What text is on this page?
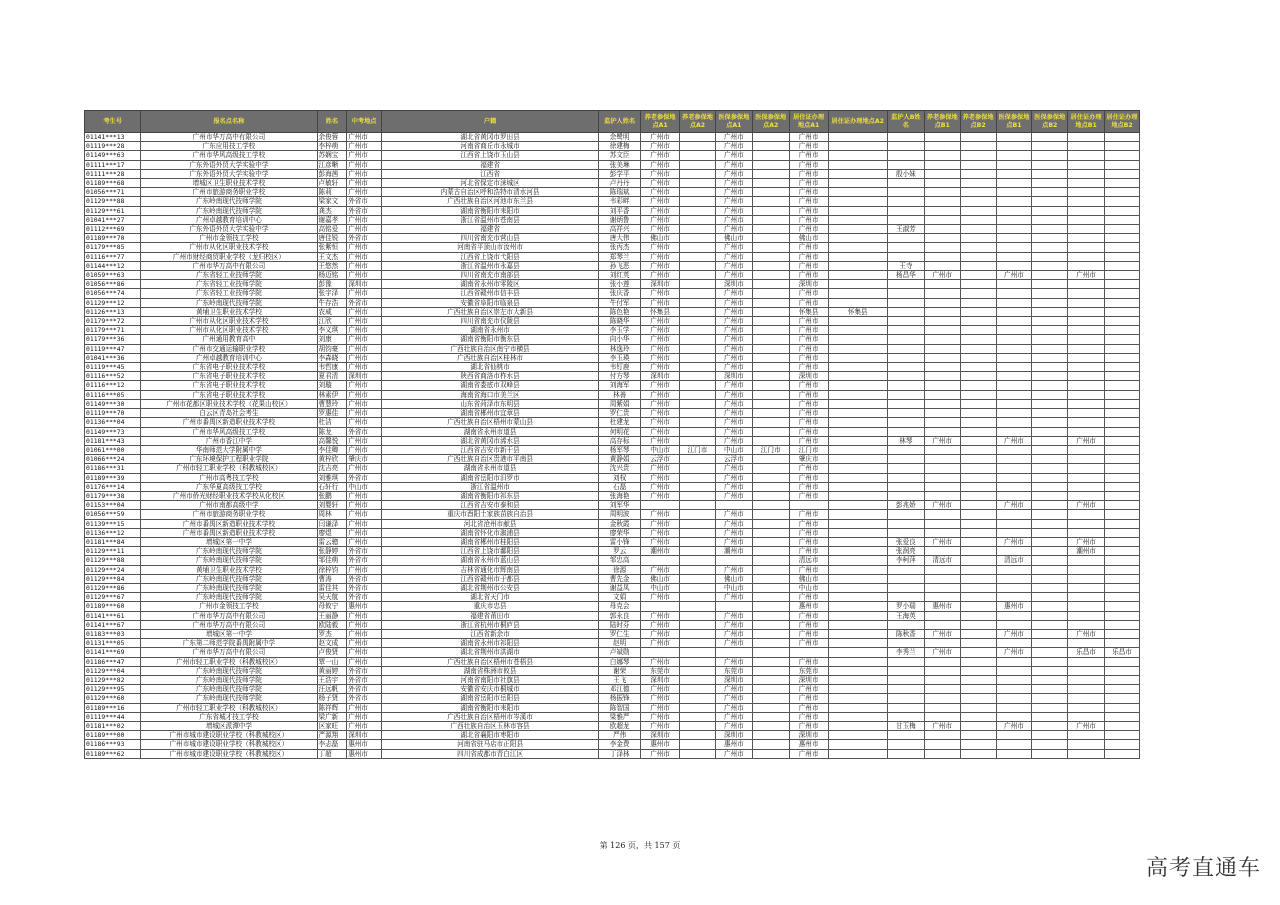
考生号	报名点名称	姓名	中考地点	户籍	监护人姓名	养老参保地点A1	养老参保地点A2	医保参保地点A1	医保参保地点A2	居住证办理地点A1	居住证办理地点A2	监护人B姓名	养老参保地点B1	养老参保地点B2	医保参保地点B1	医保参保地点B2	居住证办理地点B1	居住证办理地点B2
01141***13	广州市华万高中有限公司	余俊蓉	广州市	湖北省黄冈市罗田县	余鹭明	广州市		广州市		广州市								
01119***28	广东应用技工学校	李梓萌	广州市	河南省商丘市永城市	徐建梅	广州市		广州市		广州市								
01149***63	广州市华风高级技工学校	苏娴宝	广州市	江西省上饶市玉山县	苏文臣	广州市		广州市		广州市								
01111***17	广东外语外贸大学实验中学	江彦晰	广州市	福建省	张美琳	广州市		广州市		广州市								
01111***28	广东外语外贸大学实验中学	彭海茜	广州市	江西省	彭学平	广州市		广州市		广州市		殷小妹						
01189***68	增城区卫生职业技术学校	卢敏轩	广州市	河北省保定市涞城区	卢丹丹	广州市		广州市		广州市								
01056***71	广州市旅游商务职业学校	陈莉	广州市	内蒙古自治区呼和浩特市清水河县	陈瑞斌	广州市		广州市		广州市								
01129***88	广东岭南现代技师学院	梁家文	外省市	广西壮族自治区河池市东兰县	韦彩畔	广州市		广州市		广州市								
01129***61	广东岭南现代技师学院	龚杰	外省市	湖南省衡阳市耒阳市	刘平香	广州市		广州市		广州市								
01041***27	广州卓越教育培训中心	谢嘉孝	广州市	浙江省温州市苍南县	谢炳鲁	广州市		广州市		广州市								
01112***69	广东外语外贸大学实验中学	高铭爱	广州市	福建省	高祥兴	广州市		广州市		广州市		王淑芳						
01189***70	广州市金领技工学校	唐佳锐	外省市	四川省南充市营山县	唐大伟	佛山市		佛山市		佛山市								
01179***85	广州市从化区职业技术学校	张紫恒	广州市	河南省平顶山市汝州市	张丙杰	广州市		广州市		广州市								
01116***77	广州市财经商贸职业学校（龙归校区）	王文杰	广州市	江西省上饶市弋阳县	郑琴兰	广州市		广州市		广州市								
01144***12	广州市华万高中有限公司	王悠然	广州市	浙江省温州市永嘉县	孙飞恶	广州市		广州市		广州市		王寺						
01059***63	广东省轻工业技师学院	杨迈铭	广州市	四川省南充市南部县	刘红英	广州市		广州市		广州市		杨昌华	广州市		广州市		广州市	
01056***86	广东省轻工业技师学院	彭豫	深圳市	湖南省永州市零陵区	张小莲	深圳市		深圳市		深圳市								
01056***74	广东省轻工业技师学院	张宇泽	广州市	江西省赣州市信丰县	张庆香	广州市		广州市		广州市								
01129***12	广东岭南现代技师学院	牛存浩	外省市	安徽省阜阳市临泉县	牛付军	广州市		广州市		广州市								
01126***13	黄埔卫生职业技术学校	农威	广州市	广西壮族自治区崇左市大新县	陈色艳	怀集县		广州市		怀集县	怀集县							
01179***72	广州市从化区职业技术学校	江欣	广州市	四川省南充市仪陇县	陈晓华	广州市		广州市		广州市								
01179***71	广州市从化区职业技术学校	李义琪	广州市	湖南省永州市	李玉学	广州市		广州市		广州市								
01179***36	广州通用教育高中	刘康	广州市	湖南省衡阳市衡东县	向小华	广州市		广州市		广州市								
01119***47	广州市交通运输职业学校	胡钧豪	广州市	广西壮族自治区南宁市横县	林逸玲	广州市		广州市		广州市								
01041***36	广州卓越教育培训中心	李森晓	广州市	广西壮族自治区桂林市	李玉瑛	广州市		广州市		广州市								
01119***45	广东省电子职业技术学校	韦哲康	广州市	湖北省仙桃市	韦钉鹿	广州市		广州市		广州市								
01116***52	广东省电子职业技术学校	夏君清	深圳市	陕西省商洛市柞水县	付方琴	深圳市		深圳市		深圳市								
01116***12	广东省电子职业技术学校	刘璇	广州市	湖南省娄底市双峰县	刘海军	广州市		广州市		广州市								
01116***05	广东省电子职业技术学校	林素伊	广州市	海南省海口市美兰区	林善	广州市		广州市		广州市								
01149***30	广州市花都区职业技术学校（花果山校区）	曹慧玲	广州市	山东省菏泽市东明县	周紫娟	广州市		广州市		广州市								
01119***70	白云区青岛社会考生	罗惠佳	广州市	湖南省郴州市宜章县	罗仁贵	广州市		广州市		广州市								
01136***04	广州市番禺区新造职业技术学校	杜洁	广州市	广西壮族自治区梧州市蒙山县	杜建龙	广州市		广州市		广州市								
01149***73	广州市华风高级技工学校	陈龙	外省市	湖南省永州市道县	何明花	广州市		广州市		广州市								
01181***43	广州市香江中学	高馨悦	广州市	湖北省黄冈市浠水县	高存标	广州市		广州市		广州市		林琴	广州市		广州市		广州市	
01061***00	华南师范大学附属中学	李佳卿	广州市	江西省吉安市新干县	杨军琴	中山市	江门市	中山市	江门市	江门市								
01066***24	广东环境保护工程职业学院	黄梓欣	肇庆市	广西壮族自治区贵港市平南县	黄静娟	云浮市		云浮市		肇庆市								
01186***31	广州市轻工职业学校（科教城校区）	沈吉亮	广州市	湖南省永州市道县	沈兴贵	广州市		广州市		广州市								
01189***39	广州市高粤技工学校	刘雅琪	外省市	湖南省岳阳市汨罗市	刘权	广州市		广州市		广州市								
01176***14	广东华夏高级技工学校	石轩行	中山市	浙江省温州市	石磊	广州市		广州市		广州市								
01179***38	广州市侨光财经职业技术学校从化校区	张鹏	广州市	湖南省衡阳市祁东县	张海艳	广州市		广州市		广州市								
01153***04	广州市南都高级中学	刘婴轩	广州市	江西省吉安市泰和县	刘军华							彭兆娇	广州市		广州市		广州市	
01056***59	广州市旅游商务职业学校	周林	广州市	重庆市酉阳土家族苗族自治县	周明波	广州市		广州市		广州市								
01139***15	广州市番禺区新造职业技术学校	闫谦泽	广州市	河北省沧州市献县	金秋霞	广州市		广州市		广州市								
01136***12	广州市番禺区新造职业技术学校	廖煜	广州市	湖南省怀化市溆浦县	廖荣华	广州市		广州市		广州市								
01181***84	增城区第一中学	雷云骢	广州市	湖南省郴州市桂阳县	雷小锋	广州市		广州市		广州市		张爱良	广州市		广州市		广州市	
01129***11	广东岭南现代技师学院	张静婷	外省市	江西省上饶市鄱阳县	罗云	潮州市		潮州市		广州市		张润亮					潮州市	
01129***88	广东岭南现代技师学院	邹佳萌	外省市	湖南省永州市蓝山县	邹忠高					清远市		李柯萍	清远市		清远市			
01129***24	黄埔卫生职业技术学校	徐梓钧	广州市	吉林省通化市辉南县	徐源	广州市		广州市		广州市								
01129***84	广东岭南现代技师学院	曹涛	外省市	江西省赣州市于都县	曹先金	佛山市		佛山市		佛山市								
01129***86	广东岭南现代技师学院	雷佳其	外省市	湖北省荆州市公安县	谢益凤	中山市		中山市		中山市								
01129***67	广东岭南现代技师学院	吴天航	外省市	湖北省天门市	文娟	广州市		广州市		广州市								
01189***60	广州市金领技工学校	母攸宁	惠州市	重庆市忠县	母克会					惠州市		罗小瑞	惠州市		惠州市			
01141***61	广州市华万高中有限公司	王丽静	广州市	福建省莆田市	郭永良	广州市		广州市		广州市		王海英						
01141***67	广州市华万高中有限公司	欧陆毅	广州市	浙江省杭州市桐庐县	陆时芬	广州市		广州市		广州市								
01183***03	增城区第一中学	罗杰	广州市	江西省新余市	罗仁生	广州市		广州市		广州市		陈秋香	广州市		广州市		广州市	
01131***05	广东第二师范学院番禺附属中学	赵文成	广州市	湖南省永州市祁阳县	赵明	广州市		广州市		广州市								
01141***69	广州市华万高中有限公司	卢俊贤	广州市	湖北省荆州市洪湖市	卢斌勋							李秀兰	广州市		广州市		乐昌市	乐昌市
01186***47	广州市轻工职业学校（科教城校区）	覃一山	广州市	广西壮族自治区梧州市苍梧县	白娜琴	广州市		广州市		广州市								
01129***04	广东岭南现代技师学院	黄丽婷	外省市	湖南省株洲市攸县	谢荣	东莞市		东莞市		东莞市								
01129***82	广东岭南现代技师学院	王浩宇	外省市	河南省南阳市社旗县	王飞	深圳市		深圳市		深圳市								
01129***95	广东岭南现代技师学院	汪远帆	外省市	安徽省安庆市桐城市	邓江德	广州市		广州市		广州市								
01129***60	广东岭南现代技师学院	杨子贤	外省市	湖南省岳阳市岳阳县	杨振锋	广州市		广州市		广州市								
01189***16	广州市轻工职业学校（科教城校区）	陈祥辉	广州市	湖南省衡阳市耒阳市	陈智国	广州市		广州市		广州市								
01119***44	广东省城才技工学校	梁广新	广州市	广西壮族自治区梧州市岑溪市	梁雅严	广州市		广州市		广州市								
01181***02	增城区派潭中学	区家旺	广州市	广西壮族自治区玉林市容县	欧超龙	广州市		广州市		广州市		甘玉梅	广州市		广州市		广州市	
01189***00	广州市城市建设职业学校（科教城校区）	严源翔	深圳市	湖北省襄阳市枣阳市	严伟	深圳市		深圳市		深圳市								
01186***93	广州市城市建设职业学校（科教城校区）	李忐磊	惠州市	河南省驻马店市正阳县	李金费	惠州市		惠州市		惠州市								
01189***62	广州市城市建设职业学校（科教城校区）	丁超	惠州市	四川省成都市青白江区	丁泽林	广州市		广州市		广州市								
第 126 页，共 157 页
高考直通车
